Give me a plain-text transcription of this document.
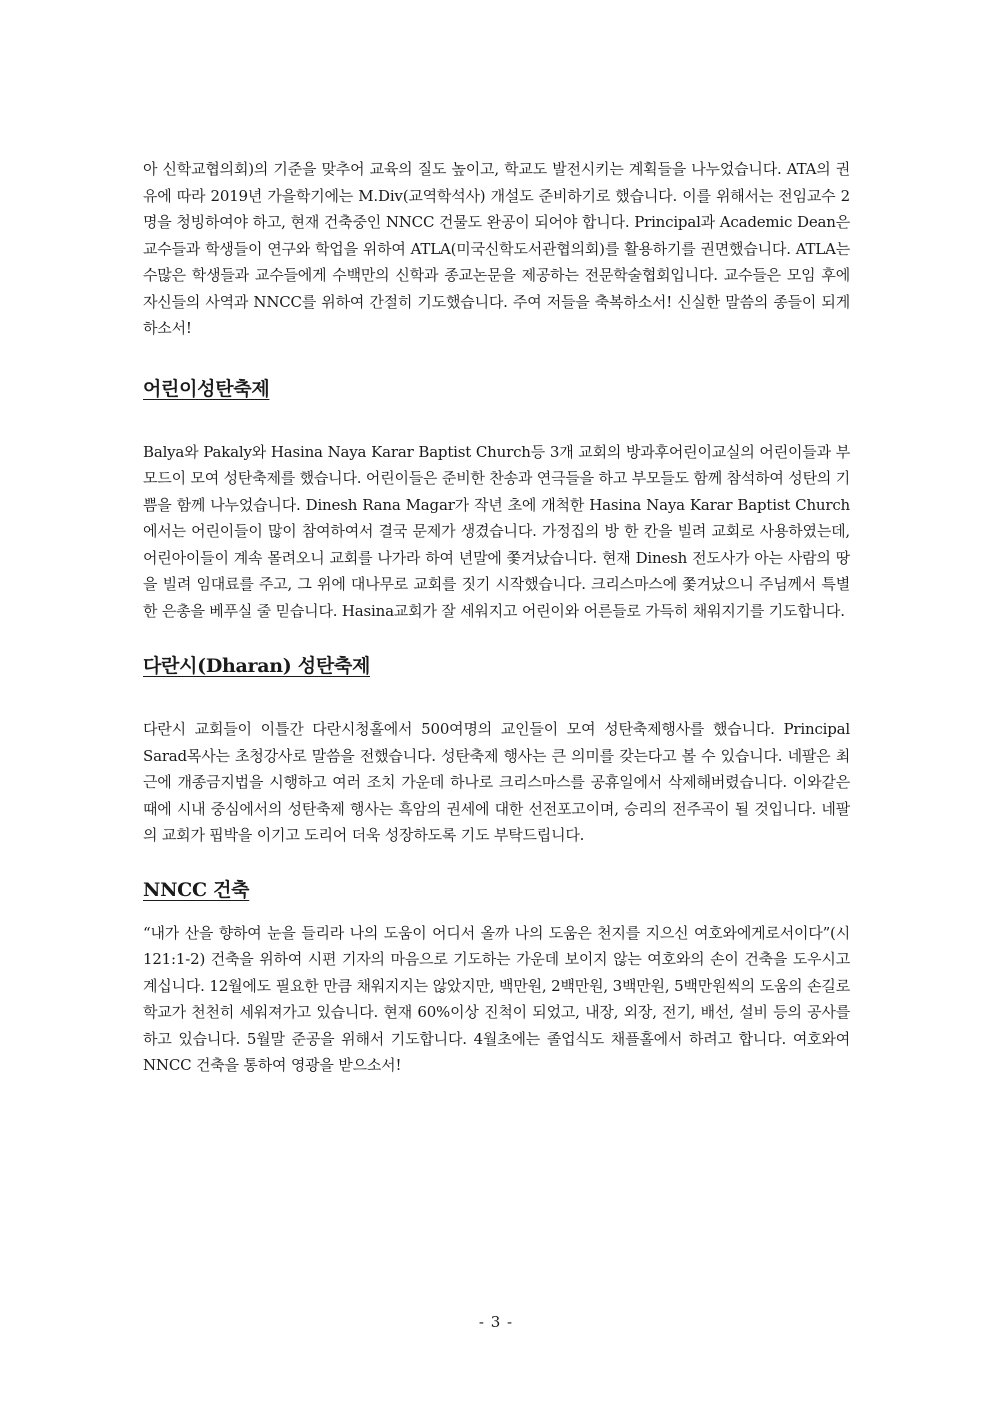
아 신학교협의회)의 기준을 맞추어 교육의 질도 높이고, 학교도 발전시키는 계획들을 나누었습니다. ATA의 권유에 따라 2019년 가을학기에는 M.Div(교역학석사) 개설도 준비하기로 했습니다. 이를 위해서는 전임교수 2명을 청빙하여야 하고, 현재 건축중인 NNCC 건물도 완공이 되어야 합니다. Principal과 Academic Dean은 교수들과 학생들이 연구와 학업을 위하여 ATLA(미국신학도서관협의회)를 활용하기를 권면했습니다. ATLA는 수많은 학생들과 교수들에게 수백만의 신학과 종교논문을 제공하는 전문학술협회입니다. 교수들은 모임 후에 자신들의 사역과 NNCC를 위하여 간절히 기도했습니다. 주여 저들을 축복하소서! 신실한 말씀의 종들이 되게 하소서!

어린이성탄축제

Balya와 Pakaly와 Hasina Naya Karar Baptist Church등 3개 교회의 방과후어린이교실의 어린이들과 부모드이 모여 성탄축제를 했습니다. 어린이들은 준비한 찬송과 연극들을 하고 부모들도 함께 참석하여 성탄의 기쁨을 함께 나누었습니다. Dinesh Rana Magar가 작년 초에 개척한 Hasina Naya Karar Baptist Church에서는 어린이들이 많이 참여하여서 결국 문제가 생겼습니다. 가정집의 방 한 칸을 빌려 교회로 사용하였는데, 어린아이들이 계속 몰려오니 교회를 나가라 하여 년말에 쫓겨났습니다. 현재 Dinesh 전도사가 아는 사람의 땅을 빌려 임대료를 주고, 그 위에 대나무로 교회를 짓기 시작했습니다. 크리스마스에 쫓겨났으니 주님께서 특별한 은총을 베푸실 줄 믿습니다. Hasina교회가 잘 세워지고 어린이와 어른들로 가득히 채워지기를 기도합니다.

다란시(Dharan) 성탄축제

다란시 교회들이 이틀간 다란시청홀에서 500여명의 교인들이 모여 성탄축제행사를 했습니다. Principal Sarad목사는 초청강사로 말씀을 전했습니다. 성탄축제 행사는 큰 의미를 갖는다고 볼 수 있습니다. 네팔은 최근에 개종금지법을 시행하고 여러 조치 가운데 하나로 크리스마스를 공휴일에서 삭제해버렸습니다. 이와같은 때에 시내 중심에서의 성탄축제 행사는 흑암의 권세에 대한 선전포고이며, 승리의 전주곡이 될 것입니다. 네팔의 교회가 핍박을 이기고 도리어 더욱 성장하도록 기도 부탁드립니다.

NNCC 건축

“내가 산을 향하여 눈을 들리라 나의 도움이 어디서 올까 나의 도움은 천지를 지으신 여호와에게로서이다”(시121:1-2) 건축을 위하여 시편 기자의 마음으로 기도하는 가운데 보이지 않는 여호와의 손이 건축을 도우시고 계십니다. 12월에도 필요한 만큼 채워지지는 않았지만, 백만원, 2백만원, 3백만원, 5백만원씩의 도움의 손길로 학교가 천천히 세워져가고 있습니다. 현재 60%이상 진척이 되었고, 내장, 외장, 전기, 배선, 설비 등의 공사를 하고 있습니다. 5월말 준공을 위해서 기도합니다. 4월초에는 졸업식도 채플홀에서 하려고 합니다. 여호와여 NNCC 건축을 통하여 영광을 받으소서!

- 3 -
